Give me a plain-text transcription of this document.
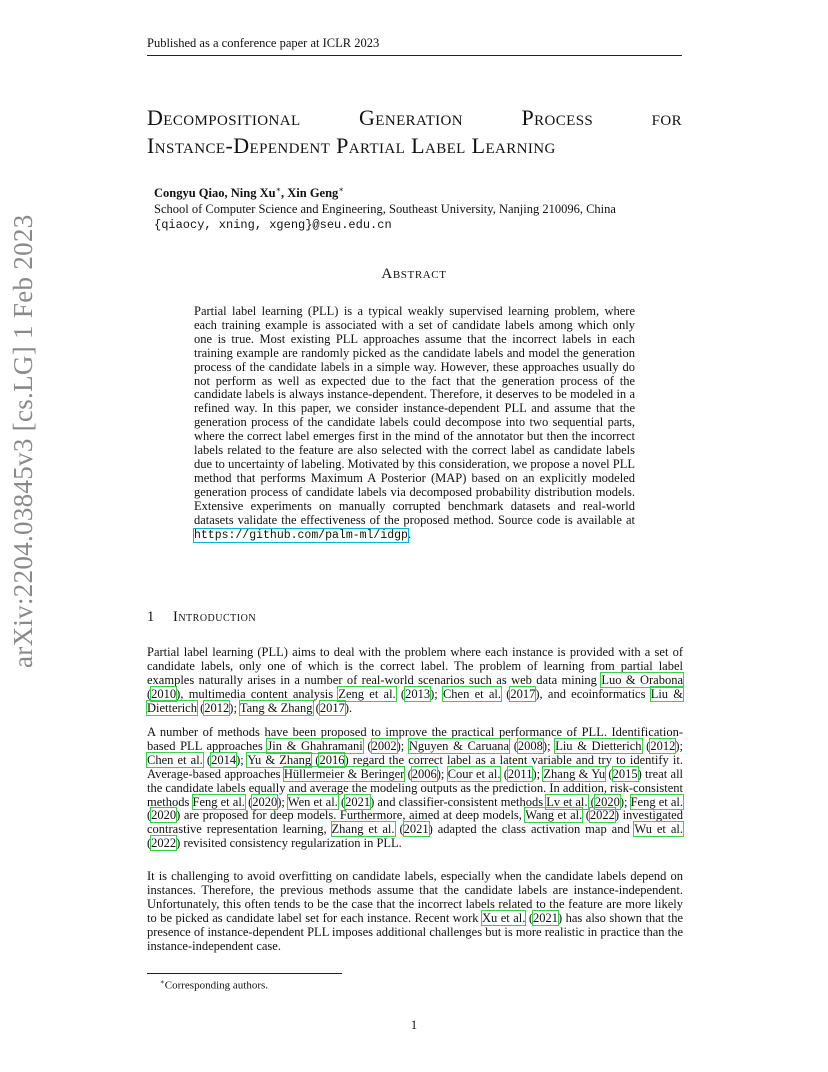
Published as a conference paper at ICLR 2023
Decompositional	Generation	Process	for
Instance-Dependent Partial Label Learning
Congyu Qiao, Ning Xu∗, Xin Geng∗
School of Computer Science and Engineering, Southeast University, Nanjing 210096, China
{qiaocy, xning, xgeng}@seu.edu.cn
Abstract
Partial label learning (PLL) is a typical weakly supervised learning problem, where each training example is associated with a set of candidate labels among which only one is true. Most existing PLL approaches assume that the incorrect labels in each training example are randomly picked as the candidate labels and model the generation process of the candidate labels in a simple way. However, these approaches usually do not perform as well as expected due to the fact that the generation process of the candidate labels is always instance-dependent. Therefore, it deserves to be modeled in a refined way. In this paper, we consider instance-dependent PLL and assume that the generation process of the candidate labels could decompose into two sequential parts, where the correct label emerges first in the mind of the annotator but then the incorrect labels related to the feature are also selected with the correct label as candidate labels due to uncertainty of labeling. Motivated by this consideration, we propose a novel PLL method that performs Maximum A Posterior (MAP) based on an explicitly modeled generation process of candidate labels via decomposed probability distribution models. Extensive experiments on manually corrupted benchmark datasets and real-world datasets validate the effectiveness of the proposed method. Source code is available at https://github.com/palm-ml/idgp.
1 Introduction
Partial label learning (PLL) aims to deal with the problem where each instance is provided with a set of candidate labels, only one of which is the correct label. The problem of learning from partial label examples naturally arises in a number of real-world scenarios such as web data mining Luo & Orabona (2010), multimedia content analysis Zeng et al. (2013); Chen et al. (2017), and ecoinformatics Liu & Dietterich (2012); Tang & Zhang (2017).
A number of methods have been proposed to improve the practical performance of PLL. Identification-based PLL approaches Jin & Ghahramani (2002); Nguyen & Caruana (2008); Liu & Dietterich (2012); Chen et al. (2014); Yu & Zhang (2016) regard the correct label as a latent variable and try to identify it. Average-based approaches Hüllermeier & Beringer (2006); Cour et al. (2011); Zhang & Yu (2015) treat all the candidate labels equally and average the modeling outputs as the prediction. In addition, risk-consistent methods Feng et al. (2020); Wen et al. (2021) and classifier-consistent methods Lv et al. (2020); Feng et al. (2020) are proposed for deep models. Furthermore, aimed at deep models, Wang et al. (2022) investigated contrastive representation learning, Zhang et al. (2021) adapted the class activation map and Wu et al. (2022) revisited consistency regularization in PLL.
It is challenging to avoid overfitting on candidate labels, especially when the candidate labels depend on instances. Therefore, the previous methods assume that the candidate labels are instance-independent. Unfortunately, this often tends to be the case that the incorrect labels related to the feature are more likely to be picked as candidate label set for each instance. Recent work Xu et al. (2021) has also shown that the presence of instance-dependent PLL imposes additional challenges but is more realistic in practice than the instance-independent case.
arXiv:2204.03845v3 [cs.LG] 1 Feb 2023
∗Corresponding authors.
1
